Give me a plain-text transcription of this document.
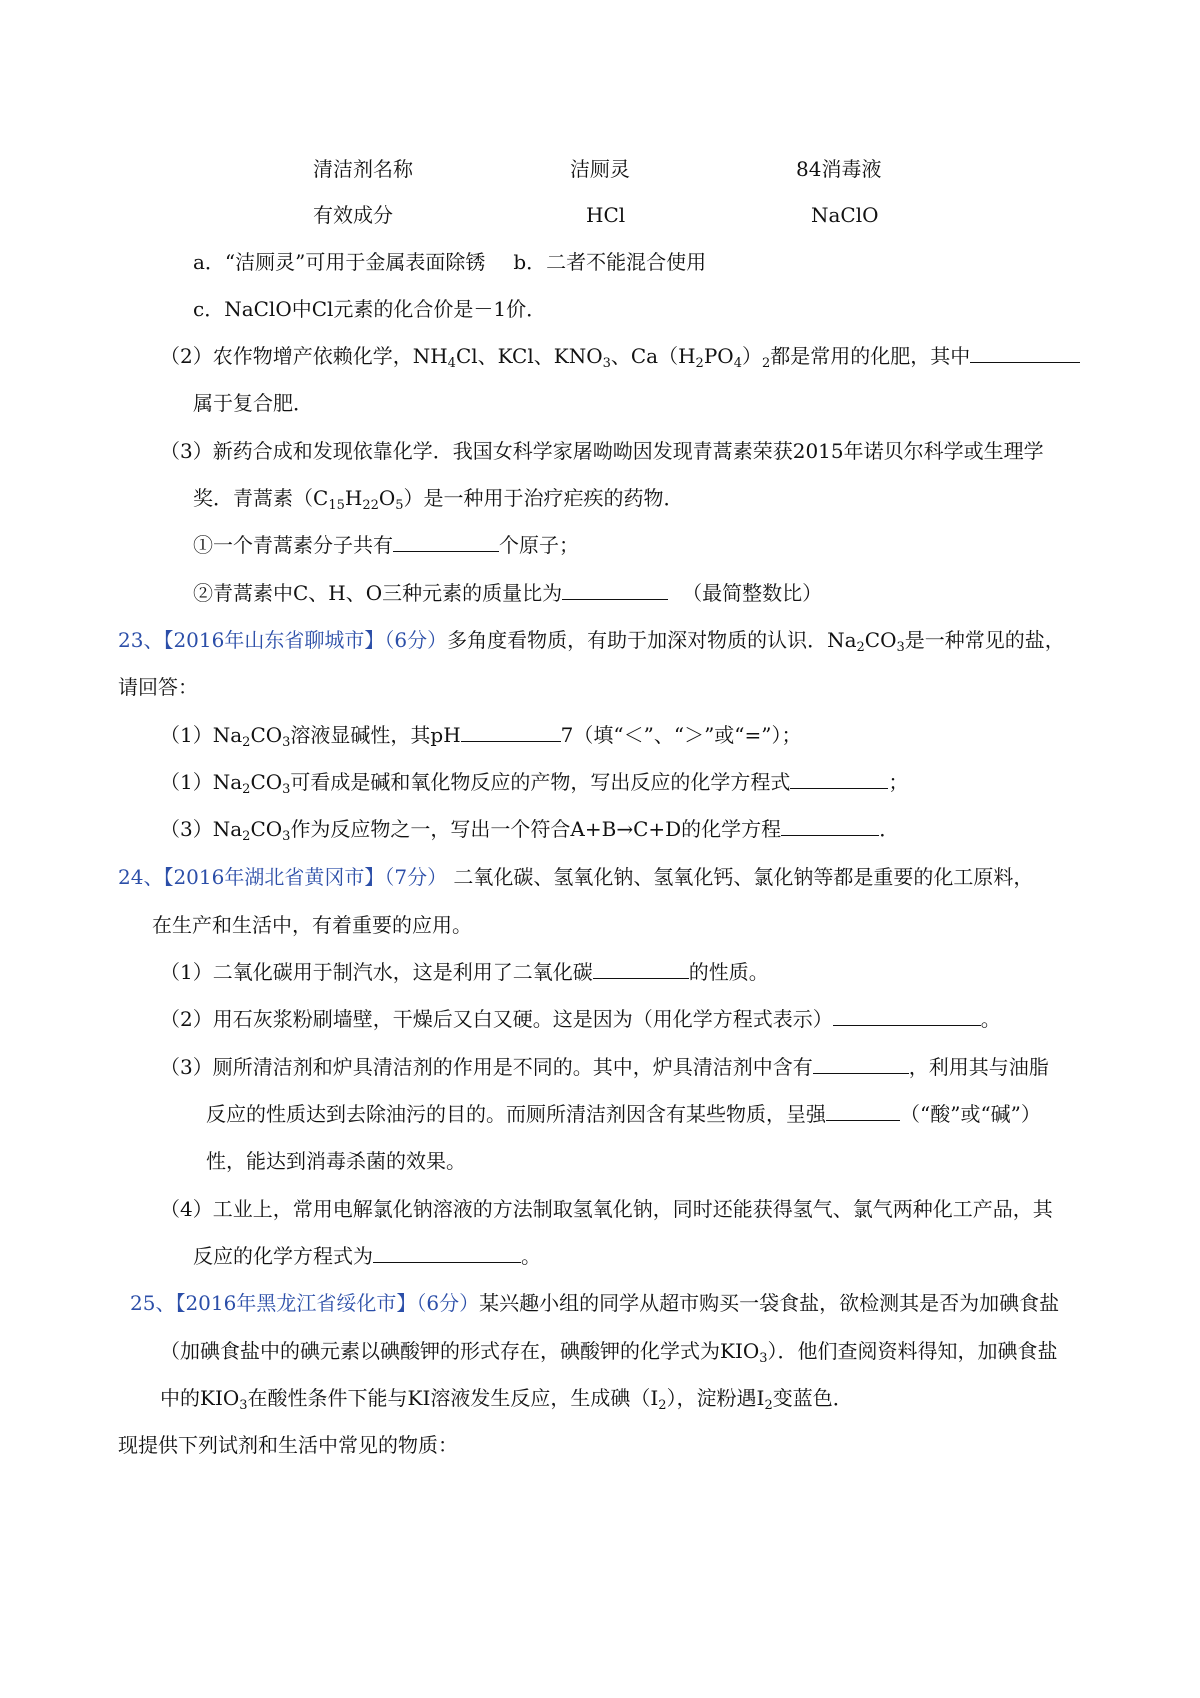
清洁剂名称	洁厕灵	84消毒液
有效成分	HCl	NaClO
a．“洁厕灵”可用于金属表面除锈 b．二者不能混合使用
c．NaClO中Cl元素的化合价是－1价．
（2）农作物增产依赖化学，$NH_4Cl$、KCl、$KNO_3$、$Ca(H_2PO_4)_2$都是常用的化肥，其中
属于复合肥．
（3）新药合成和发现依靠化学．我国女科学家屠呦呦因发现青蒿素荣获2015年诺贝尔科学或生理学
奖．青蒿素$(C_{15}H_{22}O_5)$是一种用于治疗疟疾的药物．
①一个青蒿素分子共有	个原子；
②青蒿素中C、H、O三种元素的质量比为	（最简整数比）
23、【2016年山东省聊城市】（6分）多角度看物质，有助于加深对物质的认识．$Na_2CO_3$是一种常见的盐，
请回答：
$(1)Na_2CO_3$溶液显碱性，其pH	7（填“＜”、“＞”或“=”）；
$(1)Na_2CO_3$可看成是碱和氧化物反应的产物，写出反应的化学方程式	；
$(3)Na_2CO_3$作为反应物之一，写出一个符合A+B→C+D的化学方程	．
24、【2016年湖北省黄冈市】（7分） 二氧化碳、氢氧化钠、氢氧化钙、氯化钠等都是重要的化工原料，
在生产和生活中，有着重要的应用。
（1）二氧化碳用于制汽水，这是利用了二氧化碳	的性质。
（2）用石灰浆粉刷墙壁，干燥后又白又硬。这是因为（用化学方程式表示）	。
（3）厕所清洁剂和炉具清洁剂的作用是不同的。其中，炉具清洁剂中含有	，利用其与油脂
反应的性质达到去除油污的目的。而厕所清洁剂因含有某些物质，呈强	（“酸”或“碱”）
性，能达到消毒杀菌的效果。
（4）工业上，常用电解氯化钠溶液的方法制取氢氧化钠，同时还能获得氢气、氯气两种化工产品，其
反应的化学方程式为	。
25、【2016年黑龙江省绥化市】（6分）某兴趣小组的同学从超市购买一袋食盐，欲检测其是否为加碘食盐
（加碘食盐中的碘元素以碘酸钾的形式存在，碘酸钾的化学式为$KIO_3$）．他们查阅资料得知，加碘食盐
中的$KIO_3$在酸性条件下能与KI溶液发生反应，生成碘$(I_2)$，淀粉遇$I_2$变蓝色．
现提供下列试剂和生活中常见的物质：
